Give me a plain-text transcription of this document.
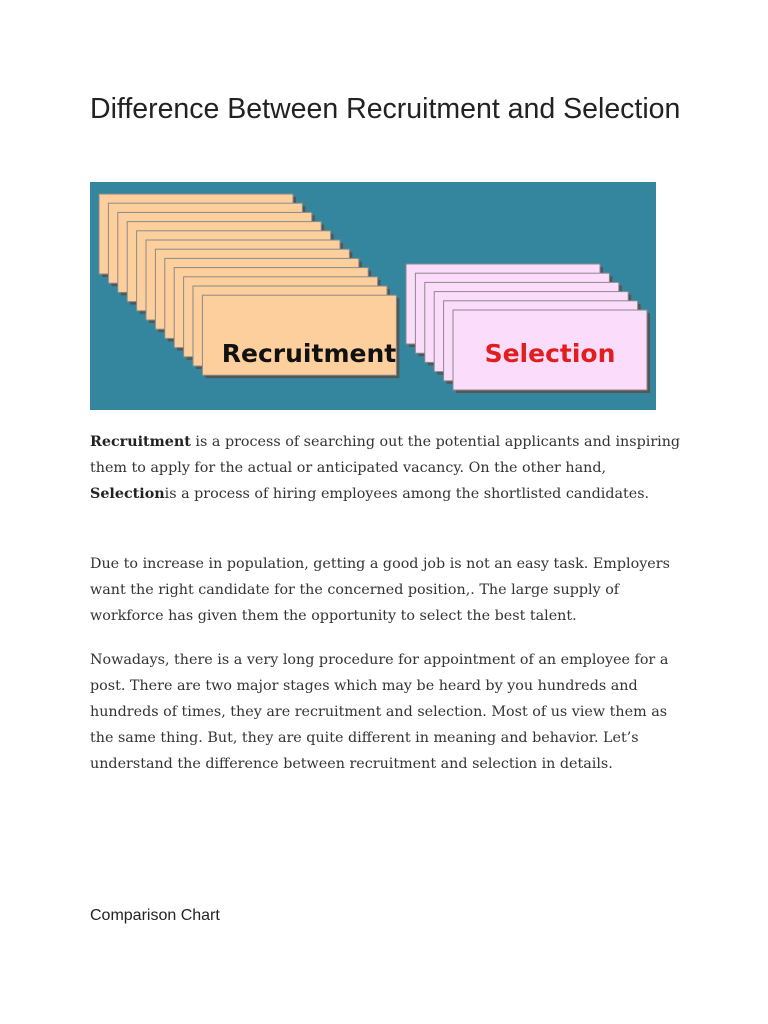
Difference Between Recruitment and Selection
Recruitment	Selection

Recruitment is a process of searching out the potential applicants and inspiring them to apply for the actual or anticipated vacancy. On the other hand, Selectionis a process of hiring employees among the shortlisted candidates.

Due to increase in population, getting a good job is not an easy task. Employers want the right candidate for the concerned position,. The large supply of workforce has given them the opportunity to select the best talent.

Nowadays, there is a very long procedure for appointment of an employee for a post. There are two major stages which may be heard by you hundreds and hundreds of times, they are recruitment and selection. Most of us view them as the same thing. But, they are quite different in meaning and behavior. Let’s understand the difference between recruitment and selection in details.

Comparison Chart
